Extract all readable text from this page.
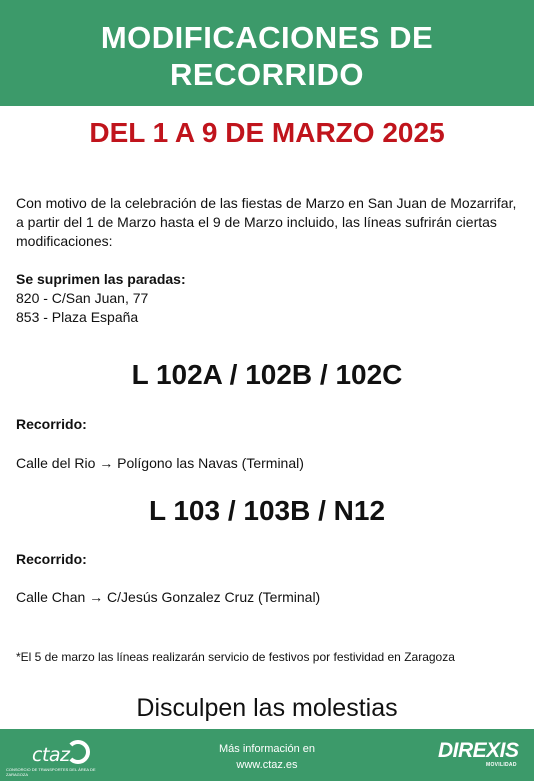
MODIFICACIONES DE
RECORRIDO
DEL 1 A 9 DE MARZO 2025
Con motivo de la celebración de las fiestas de Marzo en San Juan de Mozarrifar, a partir del 1 de Marzo hasta el 9 de Marzo incluido, las líneas sufrirán ciertas modificaciones:
Se suprimen las paradas:
820 - C/San Juan, 77
853 - Plaza España
L 102A / 102B / 102C
Recorrido:
Calle del Rio → Polígono las Navas (Terminal)
L 103 / 103B / N12
Recorrido:
Calle Chan → C/Jesús Gonzalez Cruz (Terminal)
*El 5 de marzo las líneas realizarán servicio de festivos por festividad en Zaragoza
Disculpen las molestias
ctaz
CONSORCIO DE TRANSPORTES DEL ÁREA DE ZARAGOZA
Más información en
www.ctaz.es
DIREXIS
MOVILIDAD
